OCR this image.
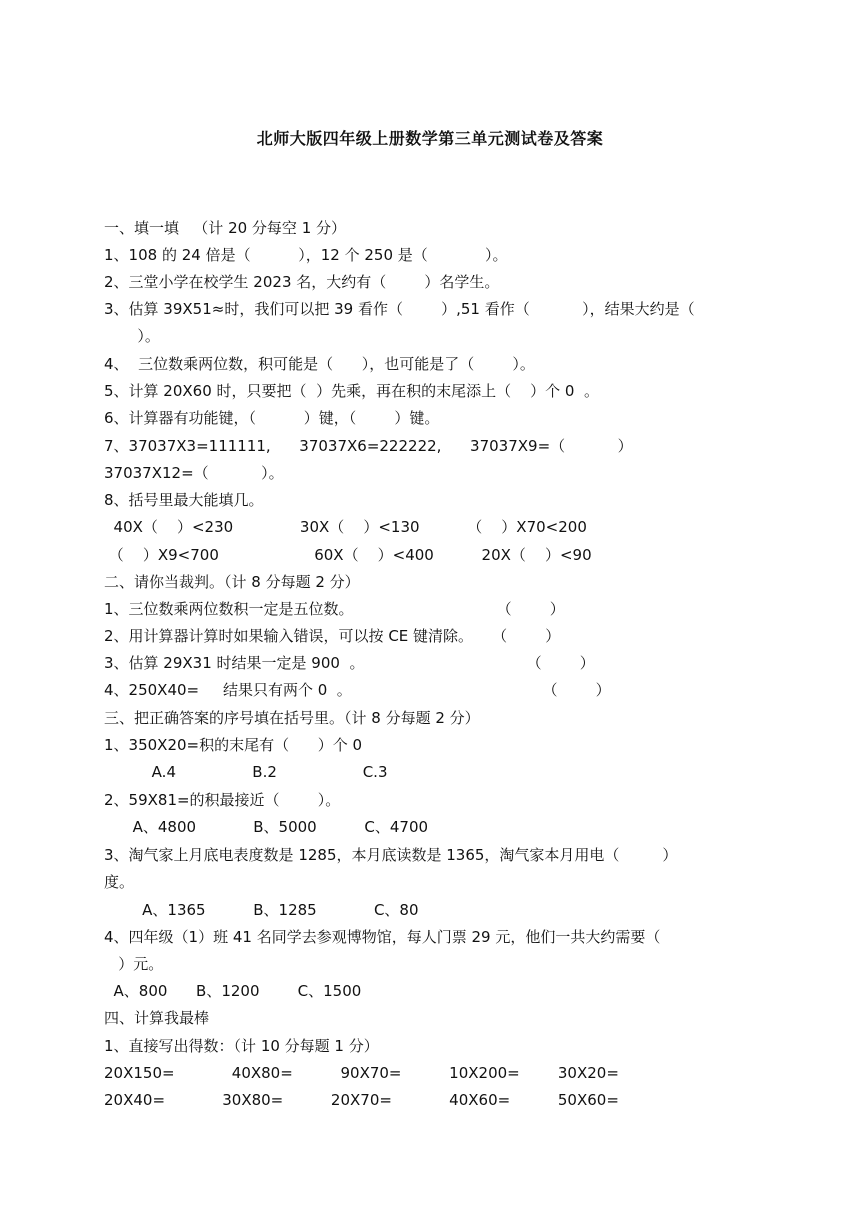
北师大版四年级上册数学第三单元测试卷及答案
一、填一填   （计 20 分每空 1 分）
1、108 的 24 倍是（          ），12 个 250 是（            ）。
2、三堂小学在校学生 2023 名，大约有（        ）名学生。
3、估算 39X51≈时，我们可以把 39 看作（        ）,51 看作（           ），结果大约是（
）。
4、  三位数乘两位数，积可能是（      ），也可能是了（        ）。
5、计算 20X60 时，只要把（  ）先乘，再在积的末尾添上（    ）个 0  。
6、计算器有功能键，（          ）键，（        ）键。
7、37037X3=111111,      37037X6=222222,      37037X9=（           ）
37037X12=（           ）。
8、括号里最大能填几。
40X（    ）<230              30X（    ）<130          （    ）X70<200
（    ）X9<700                    60X（    ）<400          20X（    ）<90
二、请你当裁判。（计 8 分每题 2 分）
1、三位数乘两位数积一定是五位数。                              （        ）
2、用计算器计算时如果输入错误，可以按 CE 键清除。    （        ）
3、估算 29X31 时结果一定是 900  。                                  （        ）
4、250X40=     结果只有两个 0  。                                        （        ）
三、把正确答案的序号填在括号里。（计 8 分每题 2 分）
1、350X20=积的末尾有（      ）个 0
A.4                B.2                  C.3
2、59X81=的积最接近（        ）。
A、4800            B、5000          C、4700
3、淘气家上月底电表度数是 1285，本月底读数是 1365，淘气家本月用电（         ）
度。
A、1365          B、1285            C、80
4、四年级（1）班 41 名同学去参观博物馆，每人门票 29 元，他们一共大约需要（
）元。
A、800      B、1200        C、1500
四、计算我最棒
1、直接写出得数：（计 10 分每题 1 分）
20X150=            40X80=          90X70=          10X200=        30X20=
20X40=            30X80=          20X70=            40X60=          50X60=
